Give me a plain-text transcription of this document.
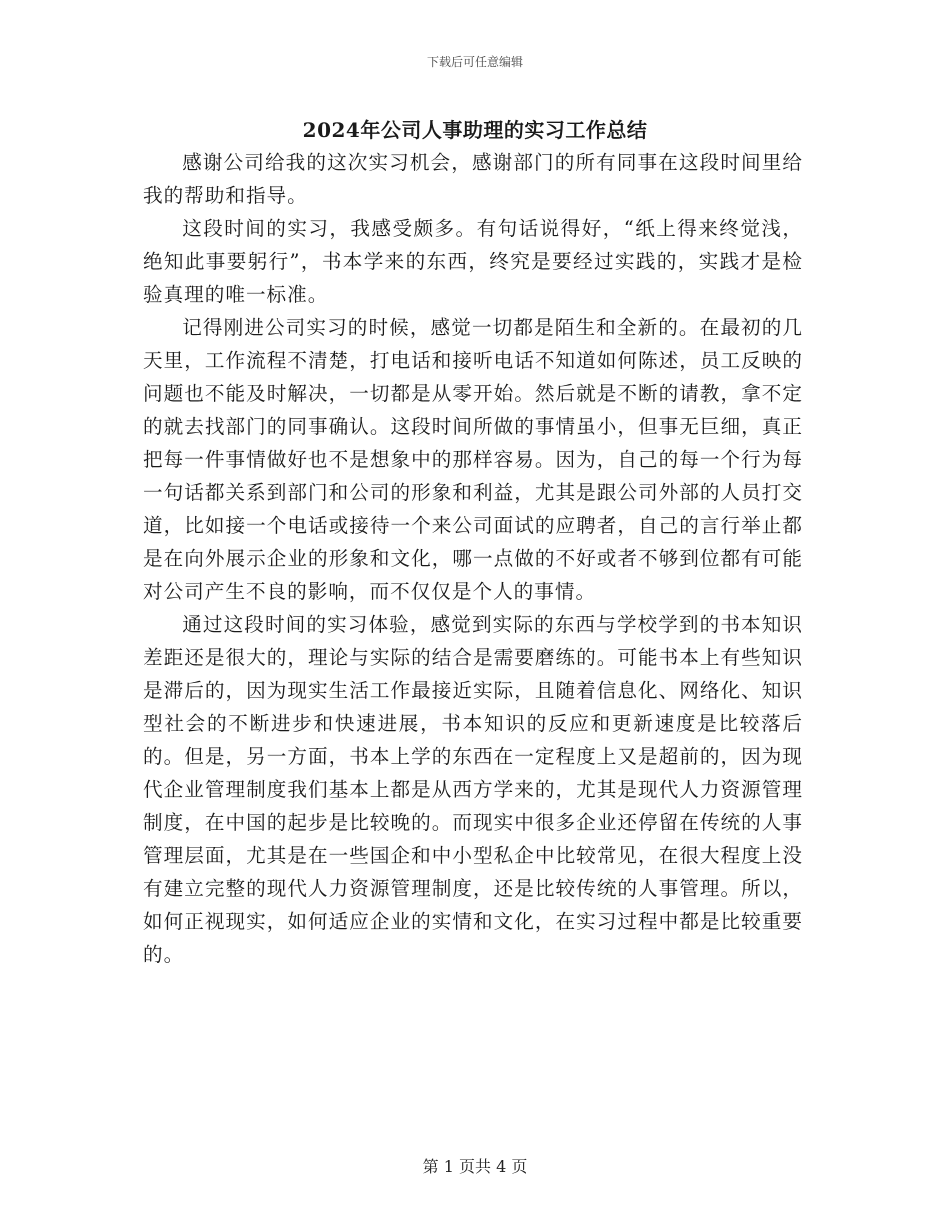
下载后可任意编辑
2024年公司人事助理的实习工作总结

感谢公司给我的这次实习机会，感谢部门的所有同事在这段时间里给我的帮助和指导。

这段时间的实习，我感受颇多。有句话说得好，“纸上得来终觉浅，绝知此事要躬行”，书本学来的东西，终究是要经过实践的，实践才是检验真理的唯一标准。

记得刚进公司实习的时候，感觉一切都是陌生和全新的。在最初的几天里，工作流程不清楚，打电话和接听电话不知道如何陈述，员工反映的问题也不能及时解决，一切都是从零开始。然后就是不断的请教，拿不定的就去找部门的同事确认。这段时间所做的事情虽小，但事无巨细，真正把每一件事情做好也不是想象中的那样容易。因为，自己的每一个行为每一句话都关系到部门和公司的形象和利益，尤其是跟公司外部的人员打交道，比如接一个电话或接待一个来公司面试的应聘者，自己的言行举止都是在向外展示企业的形象和文化，哪一点做的不好或者不够到位都有可能对公司产生不良的影响，而不仅仅是个人的事情。

通过这段时间的实习体验，感觉到实际的东西与学校学到的书本知识差距还是很大的，理论与实际的结合是需要磨练的。可能书本上有些知识是滞后的，因为现实生活工作最接近实际，且随着信息化、网络化、知识型社会的不断进步和快速进展，书本知识的反应和更新速度是比较落后的。但是，另一方面，书本上学的东西在一定程度上又是超前的，因为现代企业管理制度我们基本上都是从西方学来的，尤其是现代人力资源管理制度，在中国的起步是比较晚的。而现实中很多企业还停留在传统的人事管理层面，尤其是在一些国企和中小型私企中比较常见，在很大程度上没有建立完整的现代人力资源管理制度，还是比较传统的人事管理。所以，如何正视现实，如何适应企业的实情和文化，在实习过程中都是比较重要的。

第 1 页共 4 页
